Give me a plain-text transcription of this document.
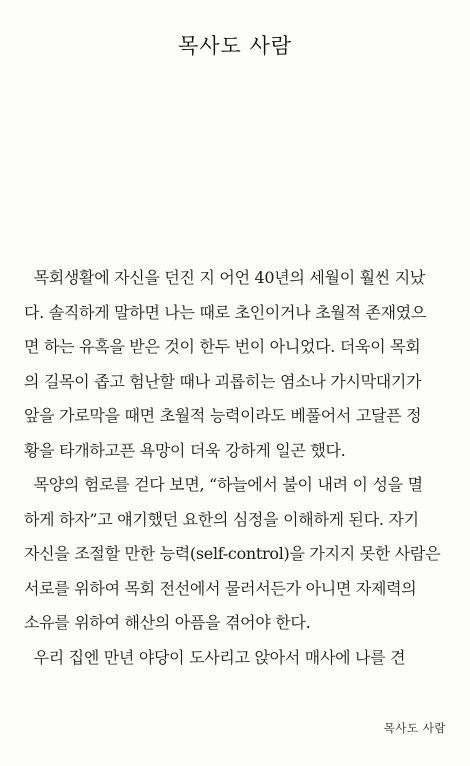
목사도 사람
목회생활에 자신을 던진 지 어언 40년의 세월이 훨씬 지났
다. 솔직하게 말하면 나는 때로 초인이거나 초월적 존재였으
면 하는 유혹을 받은 것이 한두 번이 아니었다. 더욱이 목회
의 길목이 좁고 험난할 때나 괴롭히는 염소나 가시막대기가
앞을 가로막을 때면 초월적 능력이라도 베풀어서 고달픈 정
황을 타개하고픈 욕망이 더욱 강하게 일곤 했다.
목양의 험로를 걷다 보면, “하늘에서 불이 내려 이 성을 멸
하게 하자”고 얘기했던 요한의 심정을 이해하게 된다. 자기
자신을 조절할 만한 능력(self-control)을 가지지 못한 사람은
서로를 위하여 목회 전선에서 물러서든가 아니면 자제력의
소유를 위하여 해산의 아픔을 겪어야 한다.
우리 집엔 만년 야당이 도사리고 앉아서 매사에 나를 견
목사도 사람
